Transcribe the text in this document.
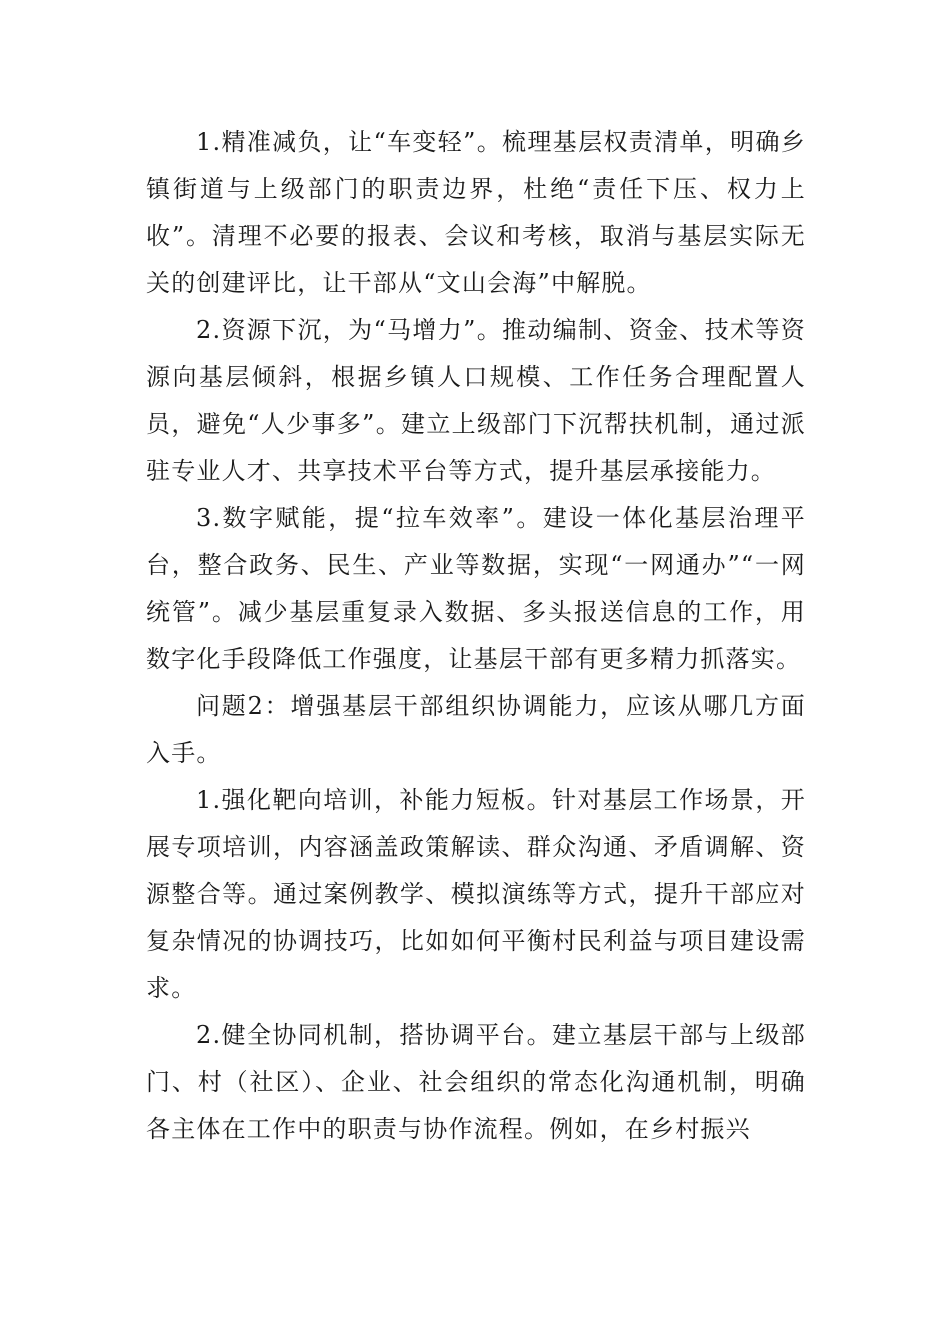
1.精准减负，让“车变轻”。梳理基层权责清单，明确乡镇街道与上级部门的职责边界，杜绝“责任下压、权力上收”。清理不必要的报表、会议和考核，取消与基层实际无关的创建评比，让干部从“文山会海”中解脱。

2.资源下沉，为“马增力”。推动编制、资金、技术等资源向基层倾斜，根据乡镇人口规模、工作任务合理配置人员，避免“人少事多”。建立上级部门下沉帮扶机制，通过派驻专业人才、共享技术平台等方式，提升基层承接能力。

3.数字赋能，提“拉车效率”。建设一体化基层治理平台，整合政务、民生、产业等数据，实现“一网通办”“一网统管”。减少基层重复录入数据、多头报送信息的工作，用数字化手段降低工作强度，让基层干部有更多精力抓落实。

问题2：增强基层干部组织协调能力，应该从哪几方面入手。

1.强化靶向培训，补能力短板。针对基层工作场景，开展专项培训，内容涵盖政策解读、群众沟通、矛盾调解、资源整合等。通过案例教学、模拟演练等方式，提升干部应对复杂情况的协调技巧，比如如何平衡村民利益与项目建设需求。

2.健全协同机制，搭协调平台。建立基层干部与上级部门、村（社区）、企业、社会组织的常态化沟通机制，明确各主体在工作中的职责与协作流程。例如，在乡村振兴
